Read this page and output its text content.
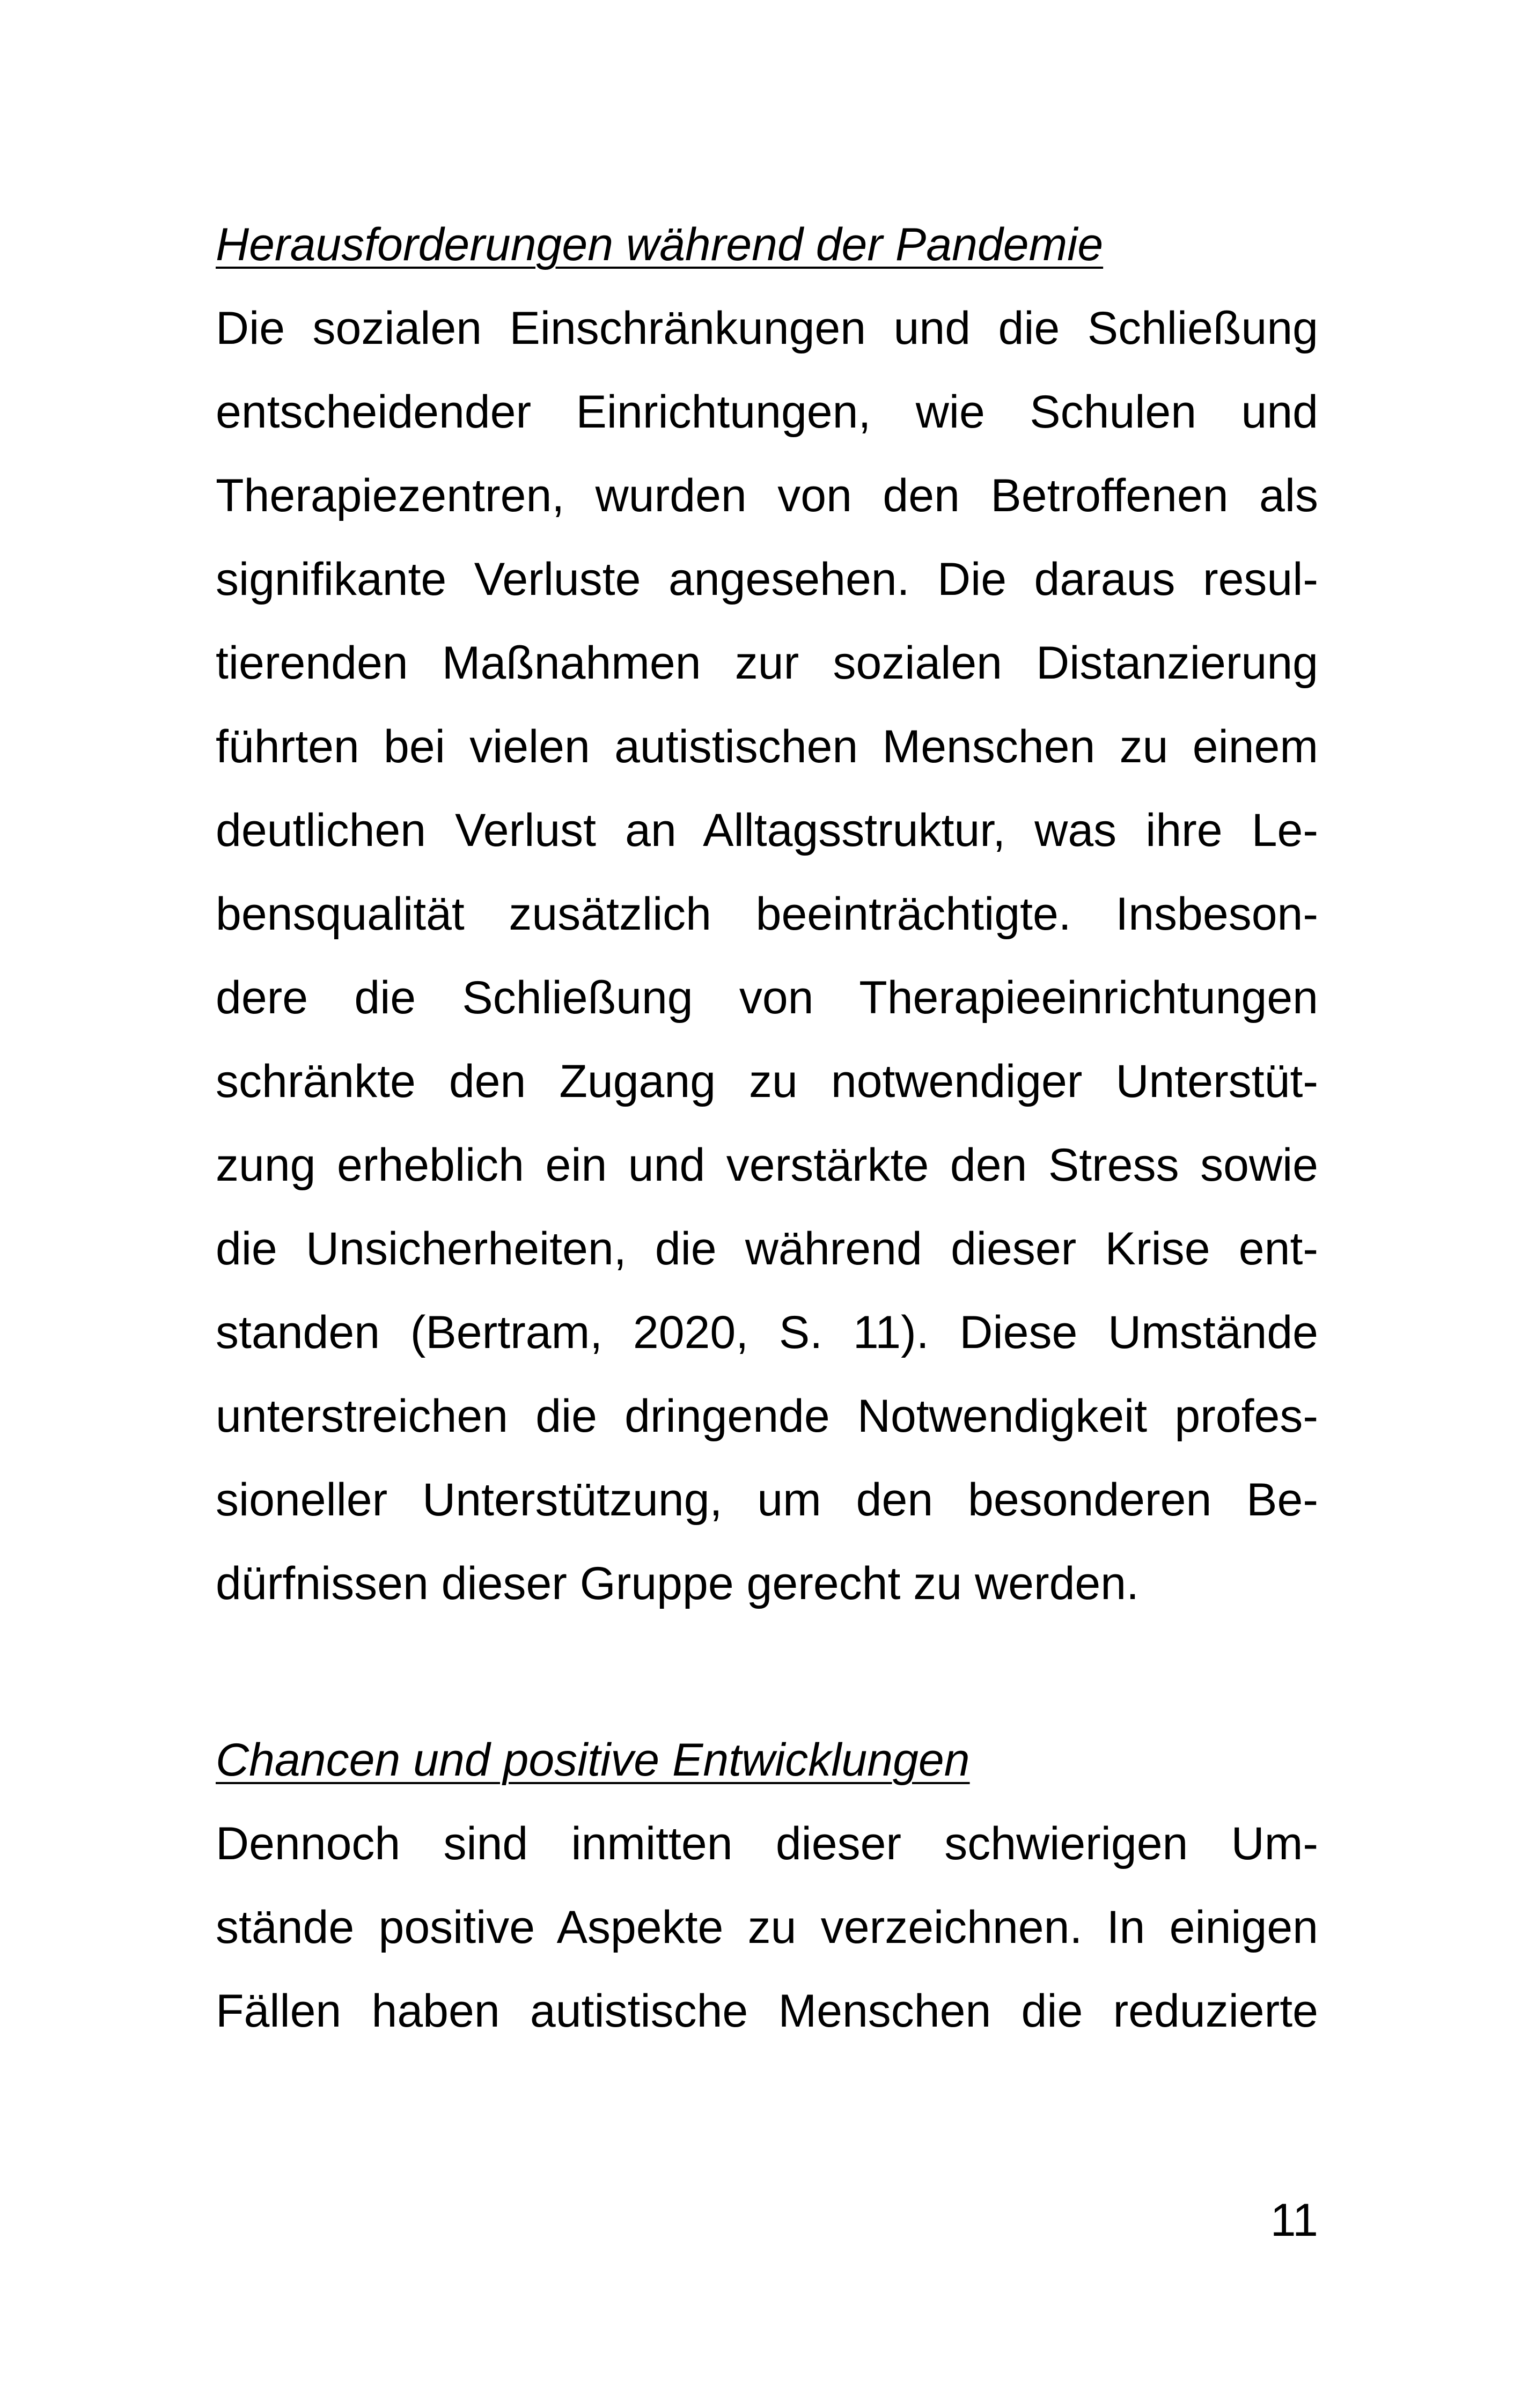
Herausforderungen während der Pandemie
Die sozialen Einschränkungen und die Schließung
entscheidender Einrichtungen, wie Schulen und
Therapiezentren, wurden von den Betroffenen als
signifikante Verluste angesehen. Die daraus resul-
tierenden Maßnahmen zur sozialen Distanzierung
führten bei vielen autistischen Menschen zu einem
deutlichen Verlust an Alltagsstruktur, was ihre Le-
bensqualität zusätzlich beeinträchtigte. Insbeson-
dere die Schließung von Therapieeinrichtungen
schränkte den Zugang zu notwendiger Unterstüt-
zung erheblich ein und verstärkte den Stress sowie
die Unsicherheiten, die während dieser Krise ent-
standen (Bertram, 2020, S. 11). Diese Umstände
unterstreichen die dringende Notwendigkeit profes-
sioneller Unterstützung, um den besonderen Be-
dürfnissen dieser Gruppe gerecht zu werden.
Chancen und positive Entwicklungen
Dennoch sind inmitten dieser schwierigen Um-
stände positive Aspekte zu verzeichnen. In einigen
Fällen haben autistische Menschen die reduzierte
11
